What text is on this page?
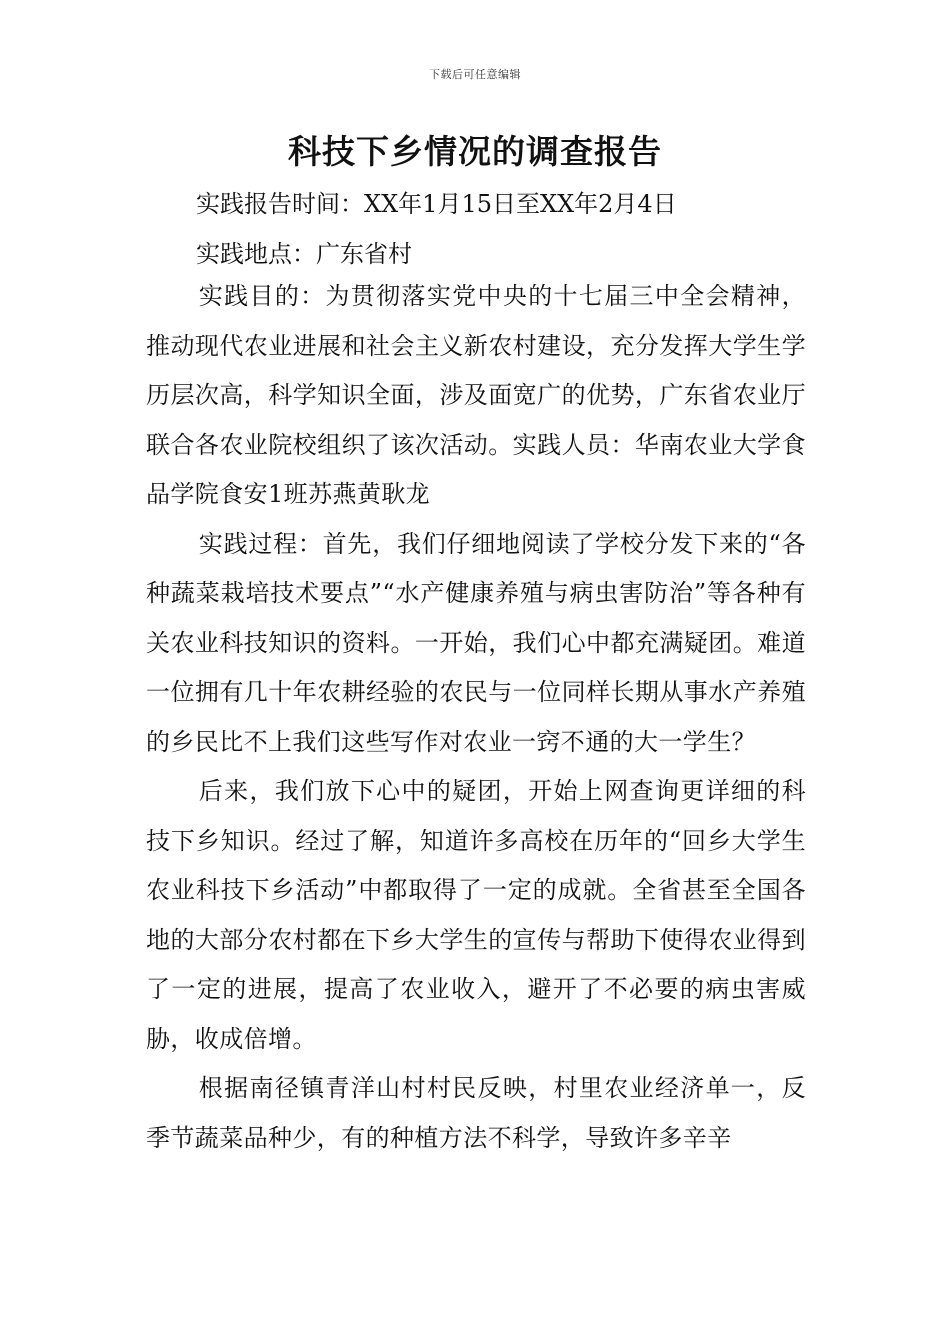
下载后可任意编辑
科技下乡情况的调查报告
实践报告时间：XX年1月15日至XX年2月4日
实践地点：广东省村

实践目的：为贯彻落实党中央的十七届三中全会精神，推动现代农业进展和社会主义新农村建设，充分发挥大学生学历层次高，科学知识全面，涉及面宽广的优势，广东省农业厅联合各农业院校组织了该次活动。实践人员：华南农业大学食品学院食安1班苏燕黄耿龙

实践过程：首先，我们仔细地阅读了学校分发下来的“各种蔬菜栽培技术要点”“水产健康养殖与病虫害防治”等各种有关农业科技知识的资料。一开始，我们心中都充满疑团。难道一位拥有几十年农耕经验的农民与一位同样长期从事水产养殖的乡民比不上我们这些写作对农业一窍不通的大一学生？

后来，我们放下心中的疑团，开始上网查询更详细的科技下乡知识。经过了解，知道许多高校在历年的“回乡大学生农业科技下乡活动”中都取得了一定的成就。全省甚至全国各地的大部分农村都在下乡大学生的宣传与帮助下使得农业得到了一定的进展，提高了农业收入，避开了不必要的病虫害威胁，收成倍增。

根据南径镇青洋山村村民反映，村里农业经济单一，反季节蔬菜品种少，有的种植方法不科学，导致许多辛辛
